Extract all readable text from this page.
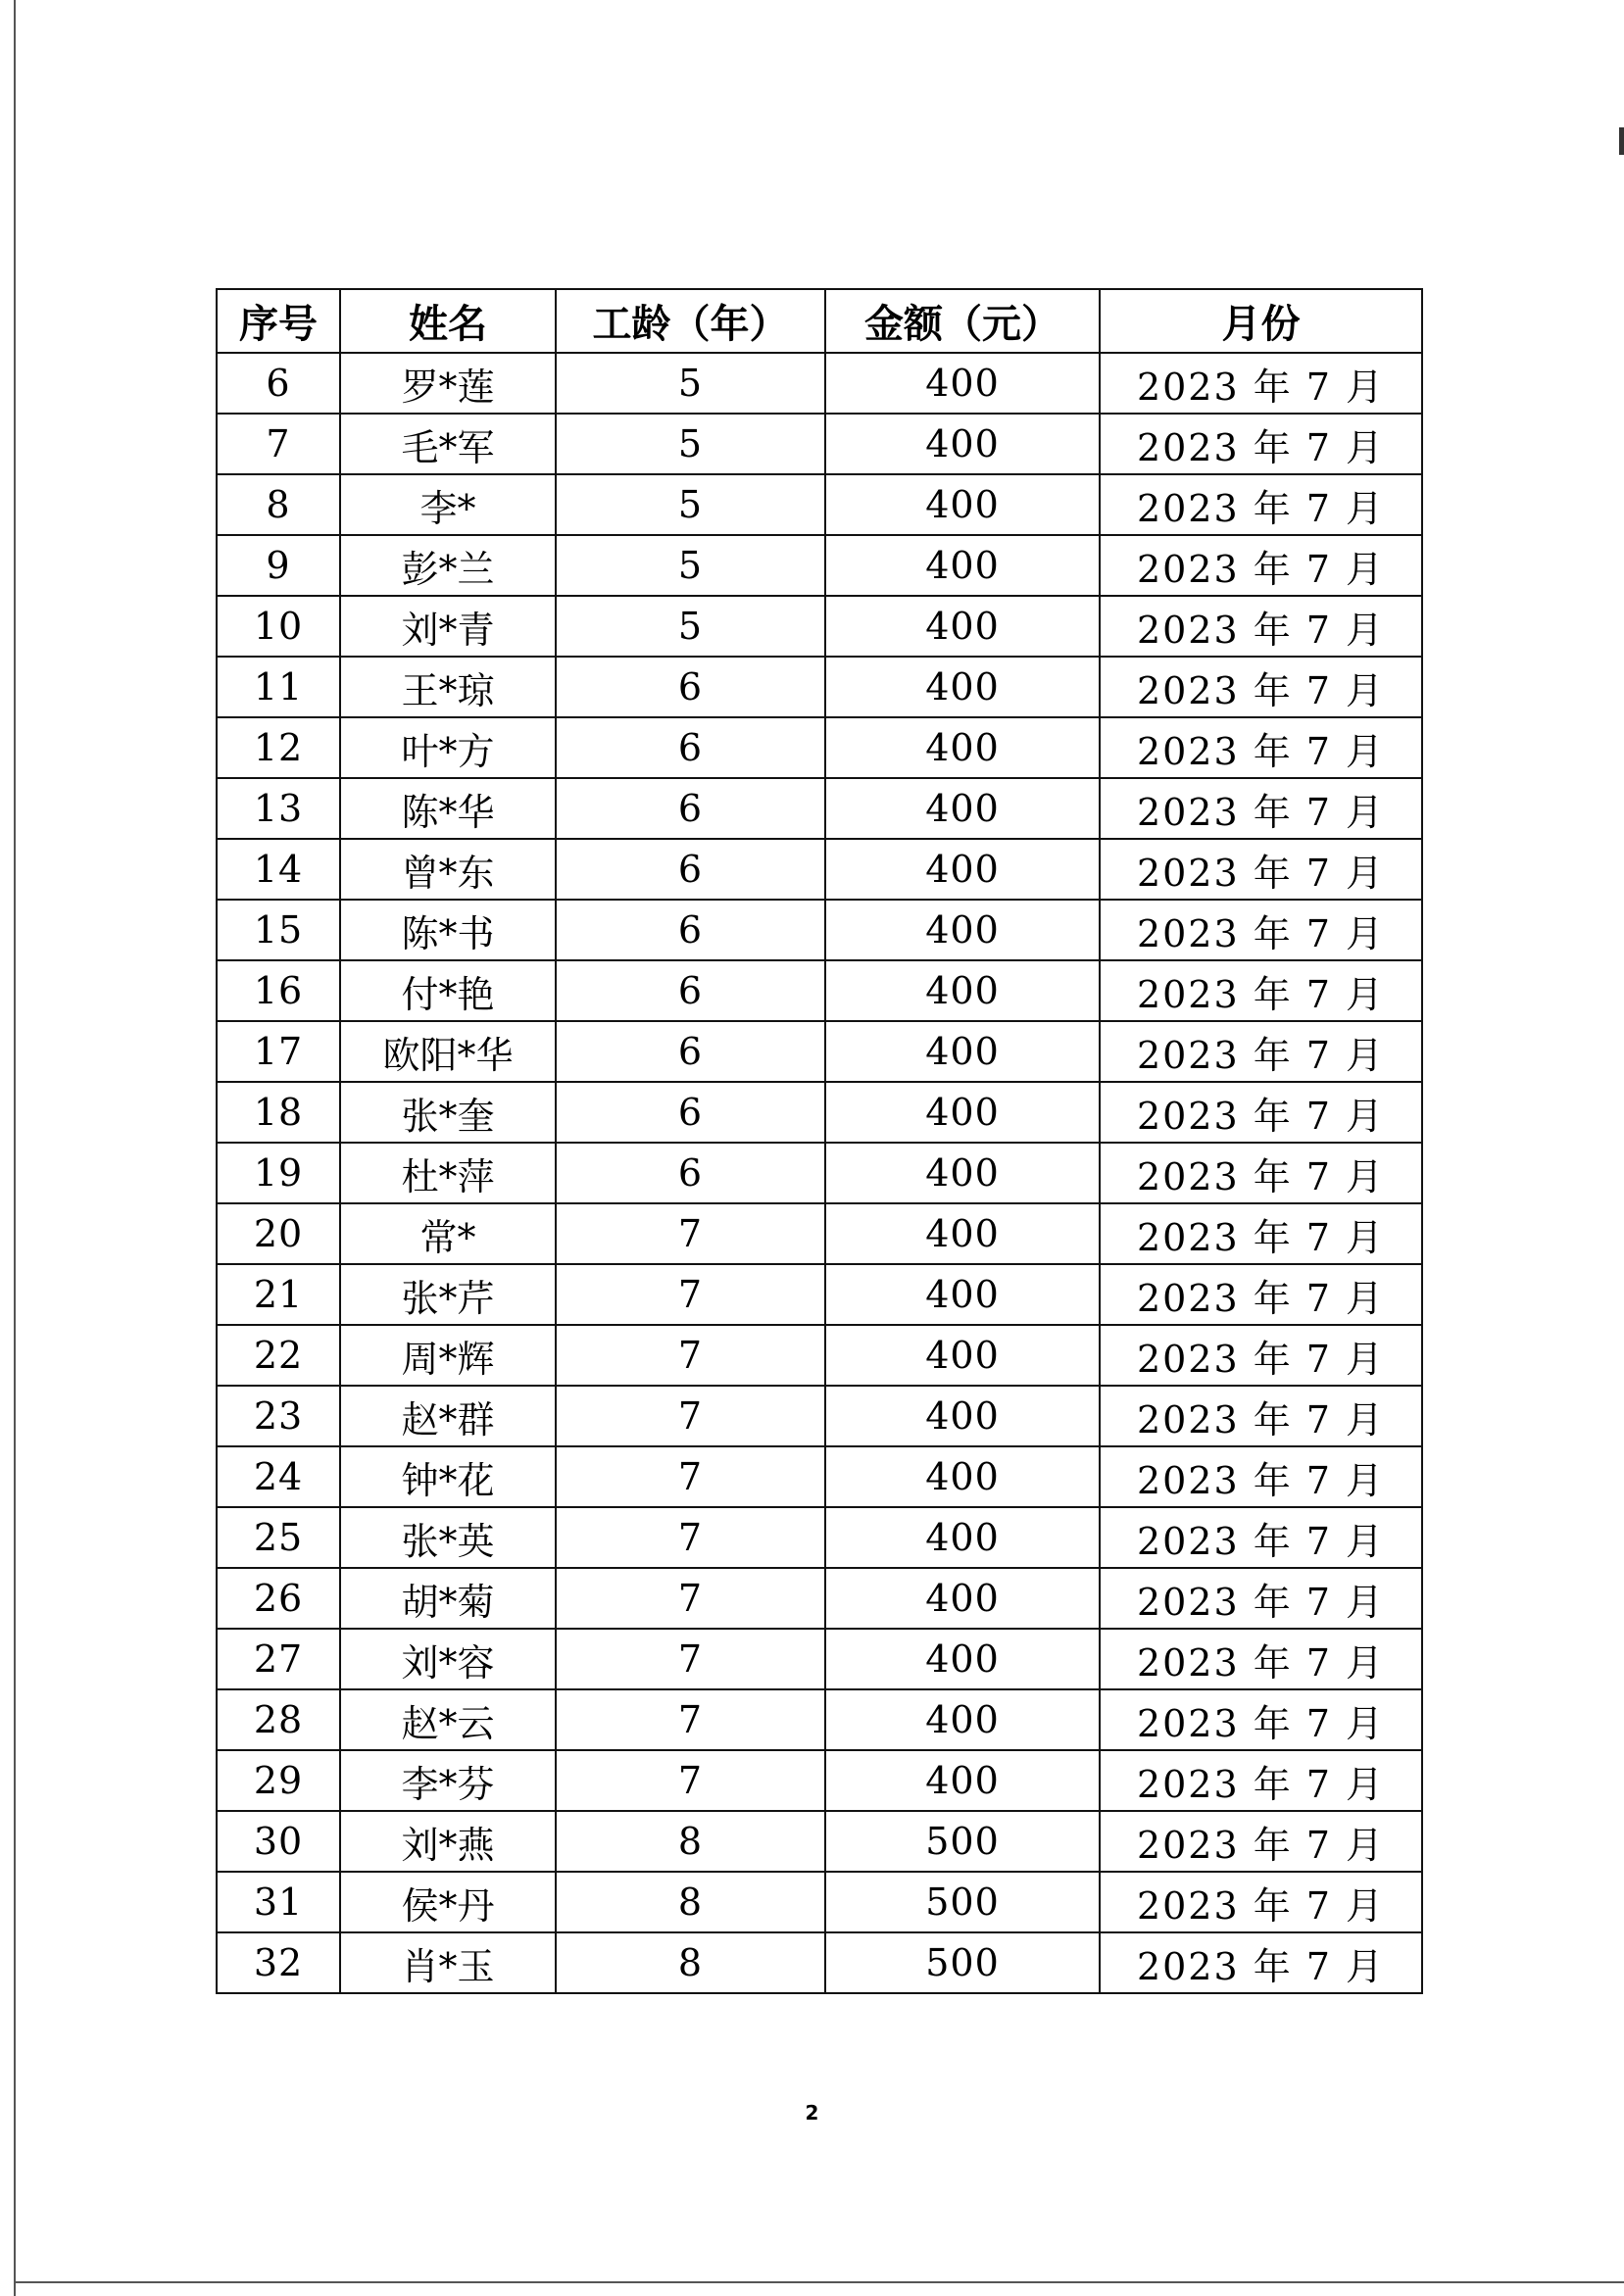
序号	姓名	工龄（年）	金额（元）	月份
6	罗*莲	5	400	2023 年 7 月
7	毛*军	5	400	2023 年 7 月
8	李*	5	400	2023 年 7 月
9	彭*兰	5	400	2023 年 7 月
10	刘*青	5	400	2023 年 7 月
11	王*琼	6	400	2023 年 7 月
12	叶*方	6	400	2023 年 7 月
13	陈*华	6	400	2023 年 7 月
14	曾*东	6	400	2023 年 7 月
15	陈*书	6	400	2023 年 7 月
16	付*艳	6	400	2023 年 7 月
17	欧阳*华	6	400	2023 年 7 月
18	张*奎	6	400	2023 年 7 月
19	杜*萍	6	400	2023 年 7 月
20	常*	7	400	2023 年 7 月
21	张*芹	7	400	2023 年 7 月
22	周*辉	7	400	2023 年 7 月
23	赵*群	7	400	2023 年 7 月
24	钟*花	7	400	2023 年 7 月
25	张*英	7	400	2023 年 7 月
26	胡*菊	7	400	2023 年 7 月
27	刘*容	7	400	2023 年 7 月
28	赵*云	7	400	2023 年 7 月
29	李*芬	7	400	2023 年 7 月
30	刘*燕	8	500	2023 年 7 月
31	侯*丹	8	500	2023 年 7 月
32	肖*玉	8	500	2023 年 7 月
2
